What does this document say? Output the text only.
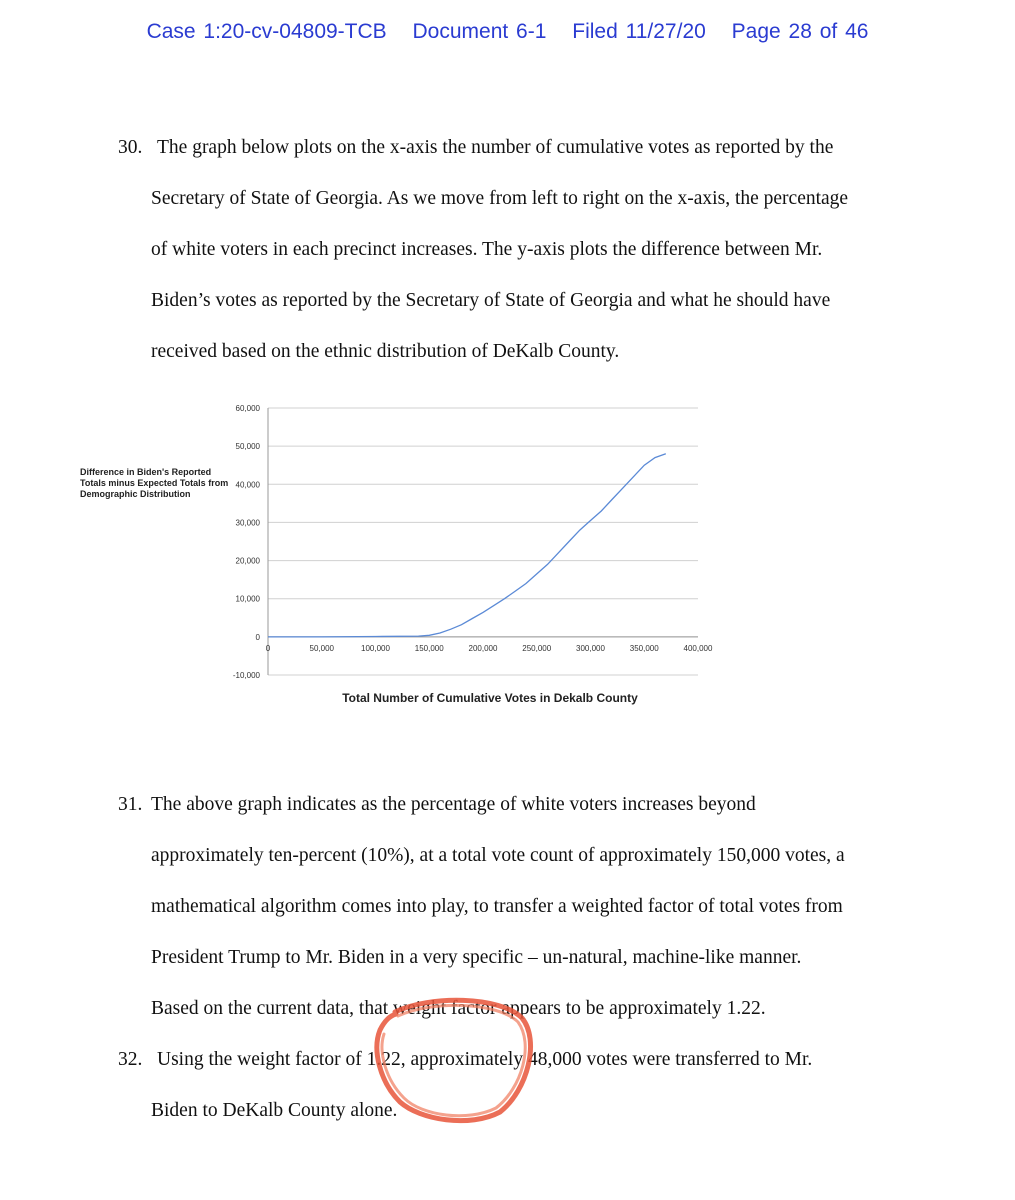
Case 1:20-cv-04809-TCB Document 6-1 Filed 11/27/20 Page 28 of 46
30. The graph below plots on the x-axis the number of cumulative votes as reported by the
Secretary of State of Georgia. As we move from left to right on the x-axis, the percentage
of white voters in each precinct increases. The y-axis plots the difference between Mr.
Biden’s votes as reported by the Secretary of State of Georgia and what he should have
received based on the ethnic distribution of DeKalb County.
Difference in Biden's Reported Totals minus Expected Totals from Demographic Distribution
-10,000
0
10,000
20,000
30,000
40,000
50,000
60,000
0	50,000	100,000	150,000	200,000	250,000	300,000	350,000	400,000
Total Number of Cumulative Votes in Dekalb County
31. The above graph indicates as the percentage of white voters increases beyond
approximately ten-percent (10%), at a total vote count of approximately 150,000 votes, a
mathematical algorithm comes into play, to transfer a weighted factor of total votes from
President Trump to Mr. Biden in a very specific – un-natural, machine-like manner.
Based on the current data, that weight factor appears to be approximately 1.22.
32. Using the weight factor of 1.22, approximately 48,000 votes were transferred to Mr.
Biden to DeKalb County alone.
